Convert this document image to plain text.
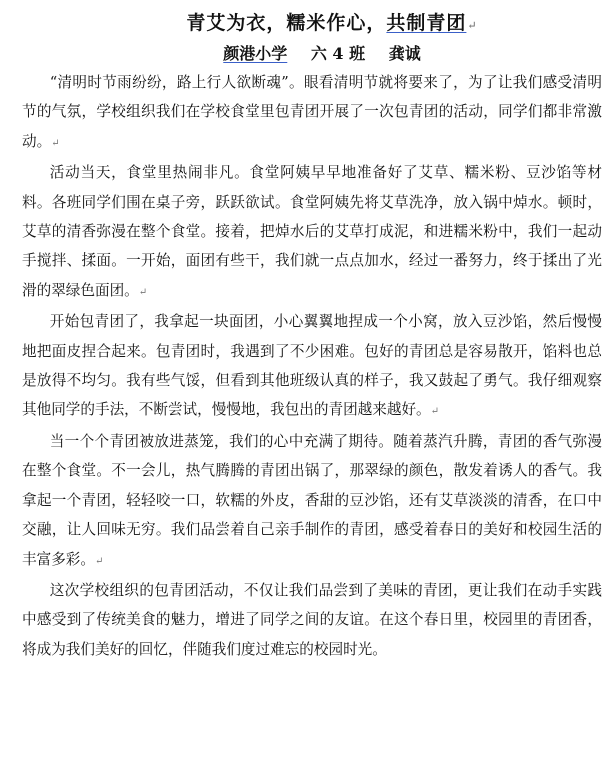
青艾为衣，糯米作心，共制青团↵
颜港小学 六 4 班 龚诚

“清明时节雨纷纷，路上行人欲断魂”。眼看清明节就将要来了，为了让我们感受清明节的气氛，学校组织我们在学校食堂里包青团开展了一次包青团的活动，同学们都非常激动。↵

活动当天，食堂里热闹非凡。食堂阿姨早早地准备好了艾草、糯米粉、豆沙馅等材料。各班同学们围在桌子旁，跃跃欲试。食堂阿姨先将艾草洗净，放入锅中焯水。顿时，艾草的清香弥漫在整个食堂。接着，把焯水后的艾草打成泥，和进糯米粉中，我们一起动手搅拌、揉面。一开始，面团有些干，我们就一点点加水，经过一番努力，终于揉出了光滑的翠绿色面团。↵

开始包青团了，我拿起一块面团，小心翼翼地捏成一个小窝，放入豆沙馅，然后慢慢地把面皮捏合起来。包青团时，我遇到了不少困难。包好的青团总是容易散开，馅料也总是放得不均匀。我有些气馁，但看到其他班级认真的样子，我又鼓起了勇气。我仔细观察其他同学的手法，不断尝试，慢慢地，我包出的青团越来越好。↵

当一个个青团被放进蒸笼，我们的心中充满了期待。随着蒸汽升腾，青团的香气弥漫在整个食堂。不一会儿，热气腾腾的青团出锅了，那翠绿的颜色，散发着诱人的香气。我拿起一个青团，轻轻咬一口，软糯的外皮，香甜的豆沙馅，还有艾草淡淡的清香，在口中交融，让人回味无穷。我们品尝着自己亲手制作的青团，感受着春日的美好和校园生活的丰富多彩。↵

这次学校组织的包青团活动，不仅让我们品尝到了美味的青团，更让我们在动手实践中感受到了传统美食的魅力，增进了同学之间的友谊。在这个春日里，校园里的青团香，将成为我们美好的回忆，伴随我们度过难忘的校园时光。
